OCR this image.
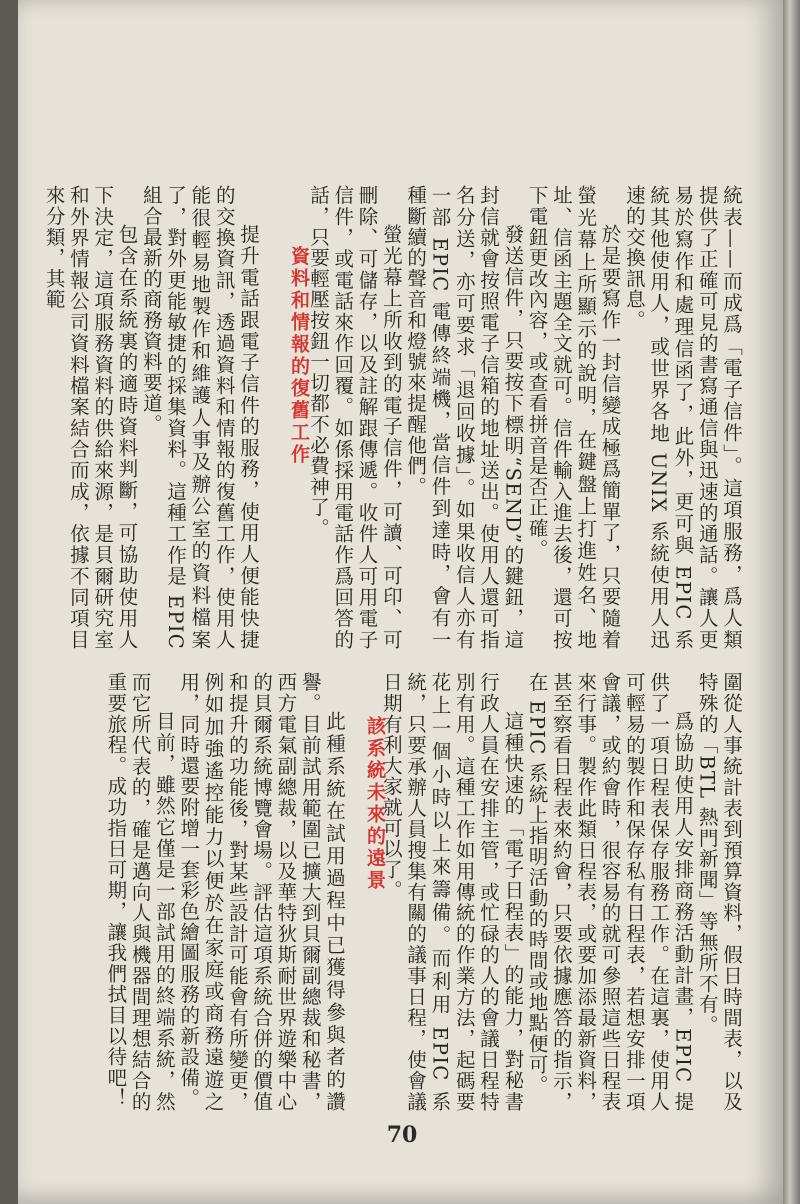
統表——而成爲「電子信件」。這項服務，爲人類提供了正確可見的書寫通信與迅速的通話。讓人更易於寫作和處理信函了，此外，更可與 EPIC 系統其他使用人，或世界各地 UNIX 系統使用人迅速的交換訊息。

於是要寫作一封信變成極爲簡單了，只要隨着螢光幕上所顯示的說明，在鍵盤上打進姓名、地址、信函主題全文就可。信件輸入進去後，還可按下電鈕更改內容，或查看拼音是否正確。

發送信件，只要按下標明“SEND”的鍵鈕，這封信就會按照電子信箱的地址送出。使用人還可指名分送，亦可要求「退回收據」。如果收信人亦有一部 EPIC 電傳終端機，當信件到達時，會有一種斷續的聲音和燈號來提醒他們。

螢光幕上所收到的電子信件，可讀、可印、可刪除、可儲存，以及註解跟傳遞。收件人可用電子信件，或電話來作回覆。如係採用電話作爲回答的話，只要輕壓按鈕一切都不必費神了。

資料和情報的復舊工作

圍從人事統計表到預算資料，假日時間表，以及特殊的「BTL 熱門新聞」等無所不有。

爲協助使用人安排商務活動計畫，EPIC 提供了一項日程表保存服務工作。在這裏，使用人可輕易的製作和保存私有日程表，若想安排一項會議，或約會時，很容易的就可參照這些日程表來行事。製作此類日程表，或要加添最新資料，甚至察看日程表來約會，只要依據應答的指示，在 EPIC 系統上指明活動的時間或地點便可。

這種快速的「電子日程表」的能力，對秘書行政人員在安排主管，或忙碌的人的會議日程特別有用。這種工作如用傳統的作業方法，起碼要花上一個小時以上來籌備。而利用 EPIC 系統，只要承辦人員搜集有關的議事日程，使會議日期有利大家就可以了。

該系統未來的遠景

此種系統在試用過程中已獲得參與者的讚譽。目前試用範圍已擴大到貝爾副總裁和秘書，西方電氣副總裁，以及華特狄斯耐世界遊樂中心的貝爾系統博覽會場。評估這項系統合併的價值和提升的功能後，對某些設計可能會有所變更，例如加強遙控能力以便於在家庭或商務遠遊之用，同時還要附增一套彩色繪圖服務的新設備。

目前，雖然它僅是一部試用的終端系統，然而它所代表的，確是邁向人與機器間理想結合的重要旅程。成功指日可期，讓我們拭目以待吧！

70

提升電話跟電子信件的服務，使用人便能快捷的交換資訊，透過資料和情報的復舊工作，使用人能很輕易地製作和維護人事及辦公室的資料檔案了，對外更能敏捷的採集資料。這種工作是 EPIC 組合最新的商務資料要道。

包含在系統裏的適時資料判斷，可協助使用人下決定，這項服務資料的供給來源，是貝爾研究室和外界情報公司資料檔案結合而成，依據不同項目來分類，其範
